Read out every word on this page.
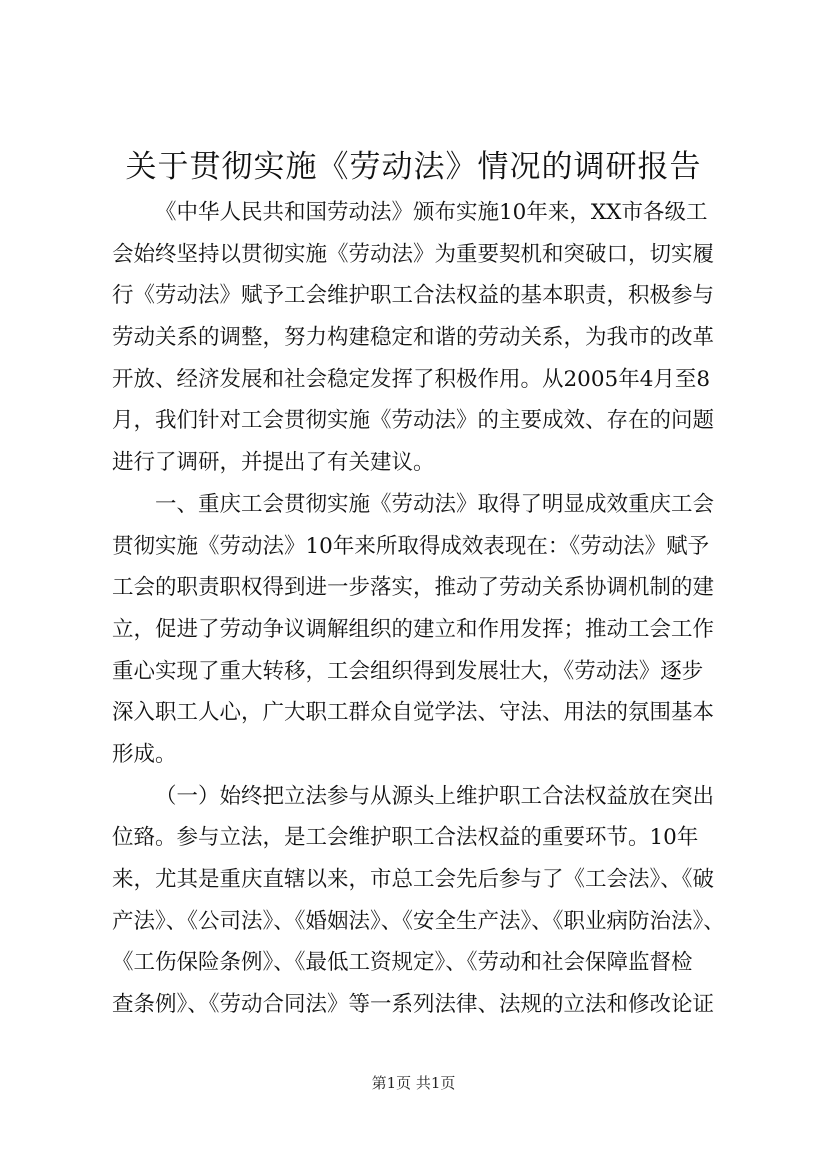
关于贯彻实施《劳动法》情况的调研报告
《中华人民共和国劳动法》颁布实施10年来，XX市各级工
会始终坚持以贯彻实施《劳动法》为重要契机和突破口，切实履
行《劳动法》赋予工会维护职工合法权益的基本职责，积极参与
劳动关系的调整，努力构建稳定和谐的劳动关系，为我市的改革
开放、经济发展和社会稳定发挥了积极作用。从2005年4月至8
月，我们针对工会贯彻实施《劳动法》的主要成效、存在的问题
进行了调研，并提出了有关建议。
一、重庆工会贯彻实施《劳动法》取得了明显成效重庆工会
贯彻实施《劳动法》10年来所取得成效表现在：《劳动法》赋予
工会的职责职权得到进一步落实，推动了劳动关系协调机制的建
立，促进了劳动争议调解组织的建立和作用发挥；推动工会工作
重心实现了重大转移，工会组织得到发展壮大，《劳动法》逐步
深入职工人心，广大职工群众自觉学法、守法、用法的氛围基本
形成。
（一）始终把立法参与从源头上维护职工合法权益放在突出
位臵。参与立法，是工会维护职工合法权益的重要环节。10年
来，尤其是重庆直辖以来，市总工会先后参与了《工会法》、《破
产法》、《公司法》、《婚姻法》、《安全生产法》、《职业病防治法》、
《工伤保险条例》、《最低工资规定》、《劳动和社会保障监督检
查条例》、《劳动合同法》等一系列法律、法规的立法和修改论证
第1页 共1页
